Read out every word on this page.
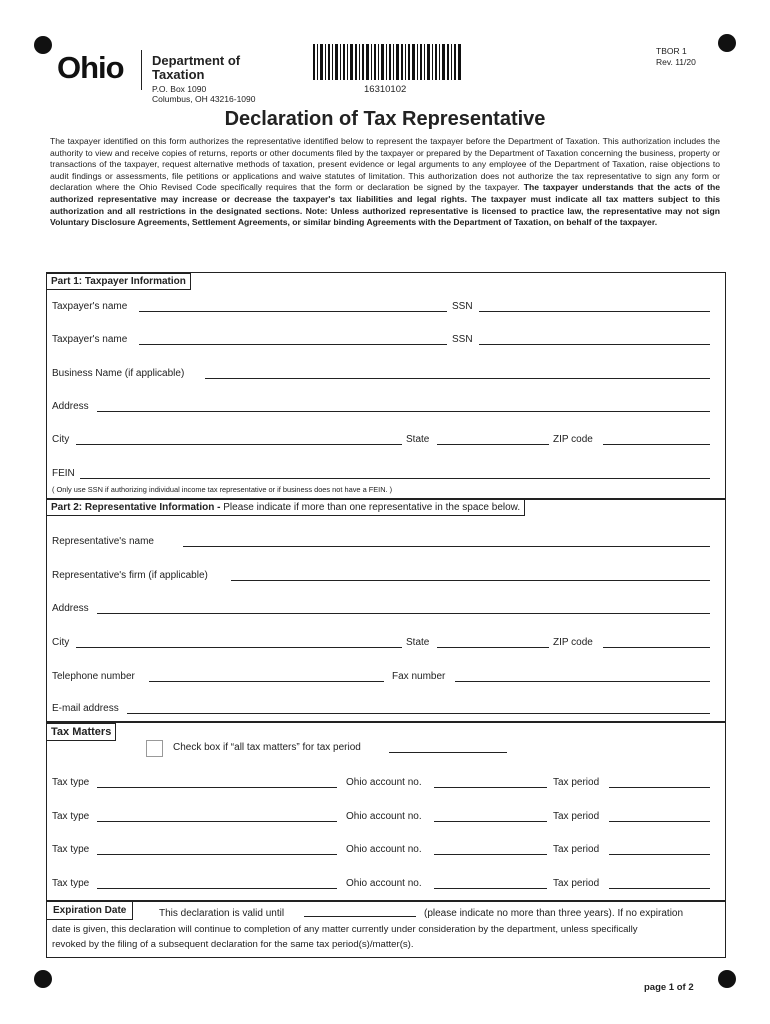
Ohio Department of
Taxation
P.O. Box 1090
Columbus, OH 43216-1090
16310102
TBOR 1
Rev. 11/20
Declaration of Tax Representative
The taxpayer identified on this form authorizes the representative identified below to represent the taxpayer before the Department of Taxation. This authorization includes the authority to view and receive copies of returns, reports or other documents filed by the taxpayer or prepared by the Department of Taxation concerning the business, property or transactions of the taxpayer, request alternative methods of taxation, present evidence or legal arguments to any employee of the Department of Taxation, raise objections to audit findings or assessments, file petitions or applications and waive statutes of limitation. This authorization does not authorize the tax representative to sign any form or declaration where the Ohio Revised Code specifically requires that the form or declaration be signed by the taxpayer. The taxpayer understands that the acts of the authorized representative may increase or decrease the taxpayer's tax liabilities and legal rights. The taxpayer must indicate all tax matters subject to this authorization and all restrictions in the designated sections. Note: Unless authorized representative is licensed to practice law, the representative may not sign Voluntary Disclosure Agreements, Settlement Agreements, or similar binding Agreements with the Department of Taxation, on behalf of the taxpayer.
Part 1: Taxpayer Information
Taxpayer's name	SSN
Taxpayer's name	SSN
Business Name (if applicable)
Address
City	State	ZIP code
FEIN
( Only use SSN if authorizing individual income tax representative or if business does not have a FEIN. )
Part 2: Representative Information - Please indicate if more than one representative in the space below.
Representative's name
Representative's firm (if applicable)
Address
City	State	ZIP code
Telephone number	Fax number
E-mail address
Tax Matters
Check box if “all tax matters” for tax period
Tax type	Ohio account no.	Tax period
Tax type	Ohio account no.	Tax period
Tax type	Ohio account no.	Tax period
Tax type	Ohio account no.	Tax period
Expiration Date	This declaration is valid until	(please indicate no more than three years). If no expiration
date is given, this declaration will continue to completion of any matter currently under consideration by the department, unless specifically
revoked by the filing of a subsequent declaration for the same tax period(s)/matter(s).
page 1 of 2
